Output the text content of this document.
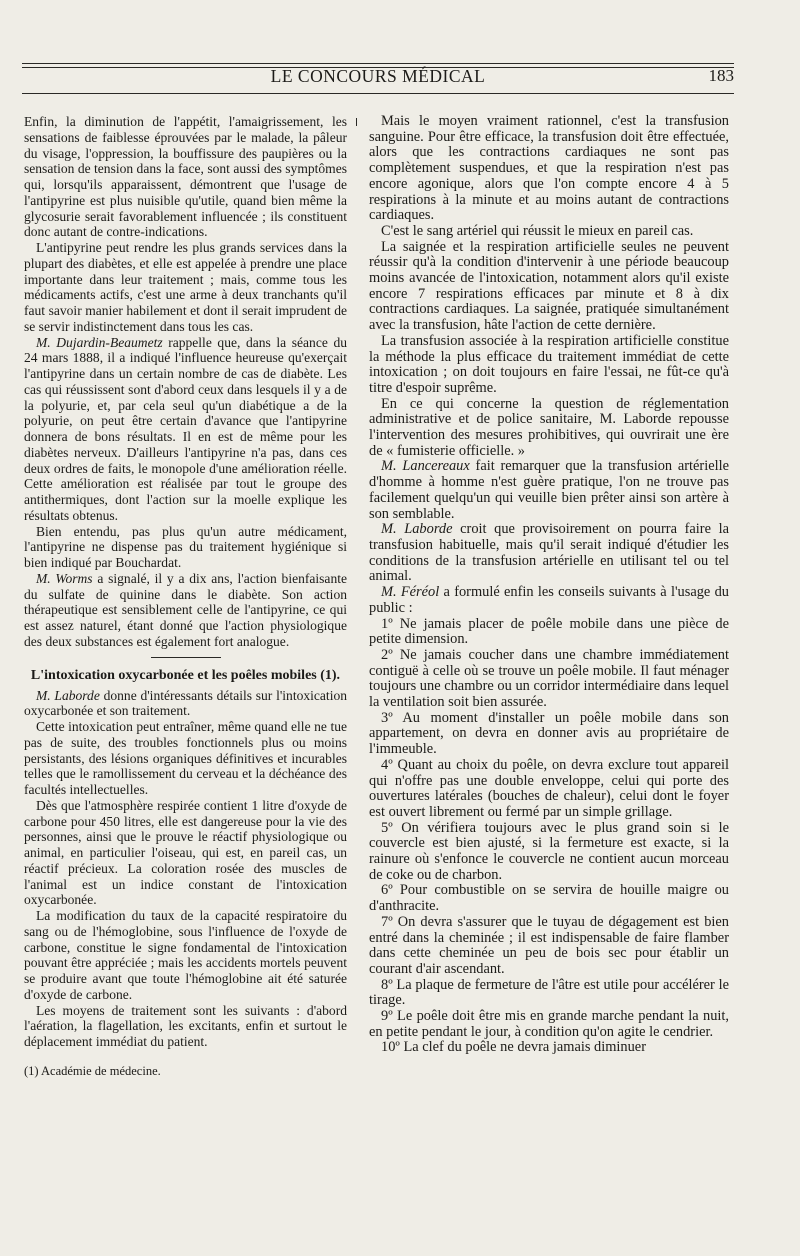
LE CONCOURS MÉDICAL	183

Enfin, la diminution de l'appétit, l'amaigrissement, les sensations de faiblesse éprouvées par le malade, la pâleur du visage, l'oppression, la bouffissure des paupières ou la sensation de tension dans la face, sont aussi des symptômes qui, lorsqu'ils apparaissent, démontrent que l'usage de l'antipyrine est plus nuisible qu'utile, quand bien même la glycosurie serait favorablement influencée ; ils constituent donc autant de contre-indications.

L'antipyrine peut rendre les plus grands services dans la plupart des diabètes, et elle est appelée à prendre une place importante dans leur traitement ; mais, comme tous les médicaments actifs, c'est une arme à deux tranchants qu'il faut savoir manier habilement et dont il serait imprudent de se servir indistinctement dans tous les cas.

M. Dujardin-Beaumetz rappelle que, dans la séance du 24 mars 1888, il a indiqué l'influence heureuse qu'exerçait l'antipyrine dans un certain nombre de cas de diabète. Les cas qui réussissent sont d'abord ceux dans lesquels il y a de la polyurie, et, par cela seul qu'un diabétique a de la polyurie, on peut être certain d'avance que l'antipyrine donnera de bons résultats. Il en est de même pour les diabètes nerveux. D'ailleurs l'antipyrine n'a pas, dans ces deux ordres de faits, le monopole d'une amélioration réelle. Cette amélioration est réalisée par tout le groupe des antithermiques, dont l'action sur la moelle explique les résultats obtenus.

Bien entendu, pas plus qu'un autre médicament, l'antipyrine ne dispense pas du traitement hygiénique si bien indiqué par Bouchardat.

M. Worms a signalé, il y a dix ans, l'action bienfaisante du sulfate de quinine dans le diabète. Son action thérapeutique est sensiblement celle de l'antipyrine, ce qui est assez naturel, étant donné que l'action physiologique des deux substances est également fort analogue.

L'intoxication oxycarbonée et les poêles mobiles (1).

M. Laborde donne d'intéressants détails sur l'intoxication oxycarbonée et son traitement.

Cette intoxication peut entraîner, même quand elle ne tue pas de suite, des troubles fonctionnels plus ou moins persistants, des lésions organiques définitives et incurables telles que le ramollissement du cerveau et la déchéance des facultés intellectuelles.

Dès que l'atmosphère respirée contient 1 litre d'oxyde de carbone pour 450 litres, elle est dangereuse pour la vie des personnes, ainsi que le prouve le réactif physiologique ou animal, en particulier l'oiseau, qui est, en pareil cas, un réactif précieux. La coloration rosée des muscles de l'animal est un indice constant de l'intoxication oxycarbonée.

La modification du taux de la capacité respiratoire du sang ou de l'hémoglobine, sous l'influence de l'oxyde de carbone, constitue le signe fondamental de l'intoxication pouvant être appréciée ; mais les accidents mortels peuvent se produire avant que toute l'hémoglobine ait été saturée d'oxyde de carbone.

Les moyens de traitement sont les suivants : d'abord l'aération, la flagellation, les excitants, enfin et surtout le déplacement immédiat du patient.

(1) Académie de médecine.

Mais le moyen vraiment rationnel, c'est la transfusion sanguine. Pour être efficace, la transfusion doit être effectuée, alors que les contractions cardiaques ne sont pas complètement suspendues, et que la respiration n'est pas encore agonique, alors que l'on compte encore 4 à 5 respirations à la minute et au moins autant de contractions cardiaques.

C'est le sang artériel qui réussit le mieux en pareil cas.

La saignée et la respiration artificielle seules ne peuvent réussir qu'à la condition d'intervenir à une période beaucoup moins avancée de l'intoxication, notamment alors qu'il existe encore 7 respirations efficaces par minute et 8 à dix contractions cardiaques. La saignée, pratiquée simultanément avec la transfusion, hâte l'action de cette dernière.

La transfusion associée à la respiration artificielle constitue la méthode la plus efficace du traitement immédiat de cette intoxication ; on doit toujours en faire l'essai, ne fût-ce qu'à titre d'espoir suprême.

En ce qui concerne la question de réglementation administrative et de police sanitaire, M. Laborde repousse l'intervention des mesures prohibitives, qui ouvrirait une ère de « fumisterie officielle. »

M. Lancereaux fait remarquer que la transfusion artérielle d'homme à homme n'est guère pratique, l'on ne trouve pas facilement quelqu'un qui veuille bien prêter ainsi son artère à son semblable.

M. Laborde croit que provisoirement on pourra faire la transfusion habituelle, mais qu'il serait indiqué d'étudier les conditions de la transfusion artérielle en utilisant tel ou tel animal.

M. Féréol a formulé enfin les conseils suivants à l'usage du public :

1º Ne jamais placer de poêle mobile dans une pièce de petite dimension.

2º Ne jamais coucher dans une chambre immédiatement contiguë à celle où se trouve un poêle mobile. Il faut ménager toujours une chambre ou un corridor intermédiaire dans lequel la ventilation soit bien assurée.

3º Au moment d'installer un poêle mobile dans son appartement, on devra en donner avis au propriétaire de l'immeuble.

4º Quant au choix du poêle, on devra exclure tout appareil qui n'offre pas une double enveloppe, celui qui porte des ouvertures latérales (bouches de chaleur), celui dont le foyer est ouvert librement ou fermé par un simple grillage.

5º On vérifiera toujours avec le plus grand soin si le couvercle est bien ajusté, si la fermeture est exacte, si la rainure où s'enfonce le couvercle ne contient aucun morceau de coke ou de charbon.

6º Pour combustible on se servira de houille maigre ou d'anthracite.

7º On devra s'assurer que le tuyau de dégagement est bien entré dans la cheminée ; il est indispensable de faire flamber dans cette cheminée un peu de bois sec pour établir un courant d'air ascendant.

8º La plaque de fermeture de l'âtre est utile pour accélérer le tirage.

9º Le poêle doit être mis en grande marche pendant la nuit, en petite pendant le jour, à condition qu'on agite le cendrier.

10º La clef du poêle ne devra jamais diminuer
